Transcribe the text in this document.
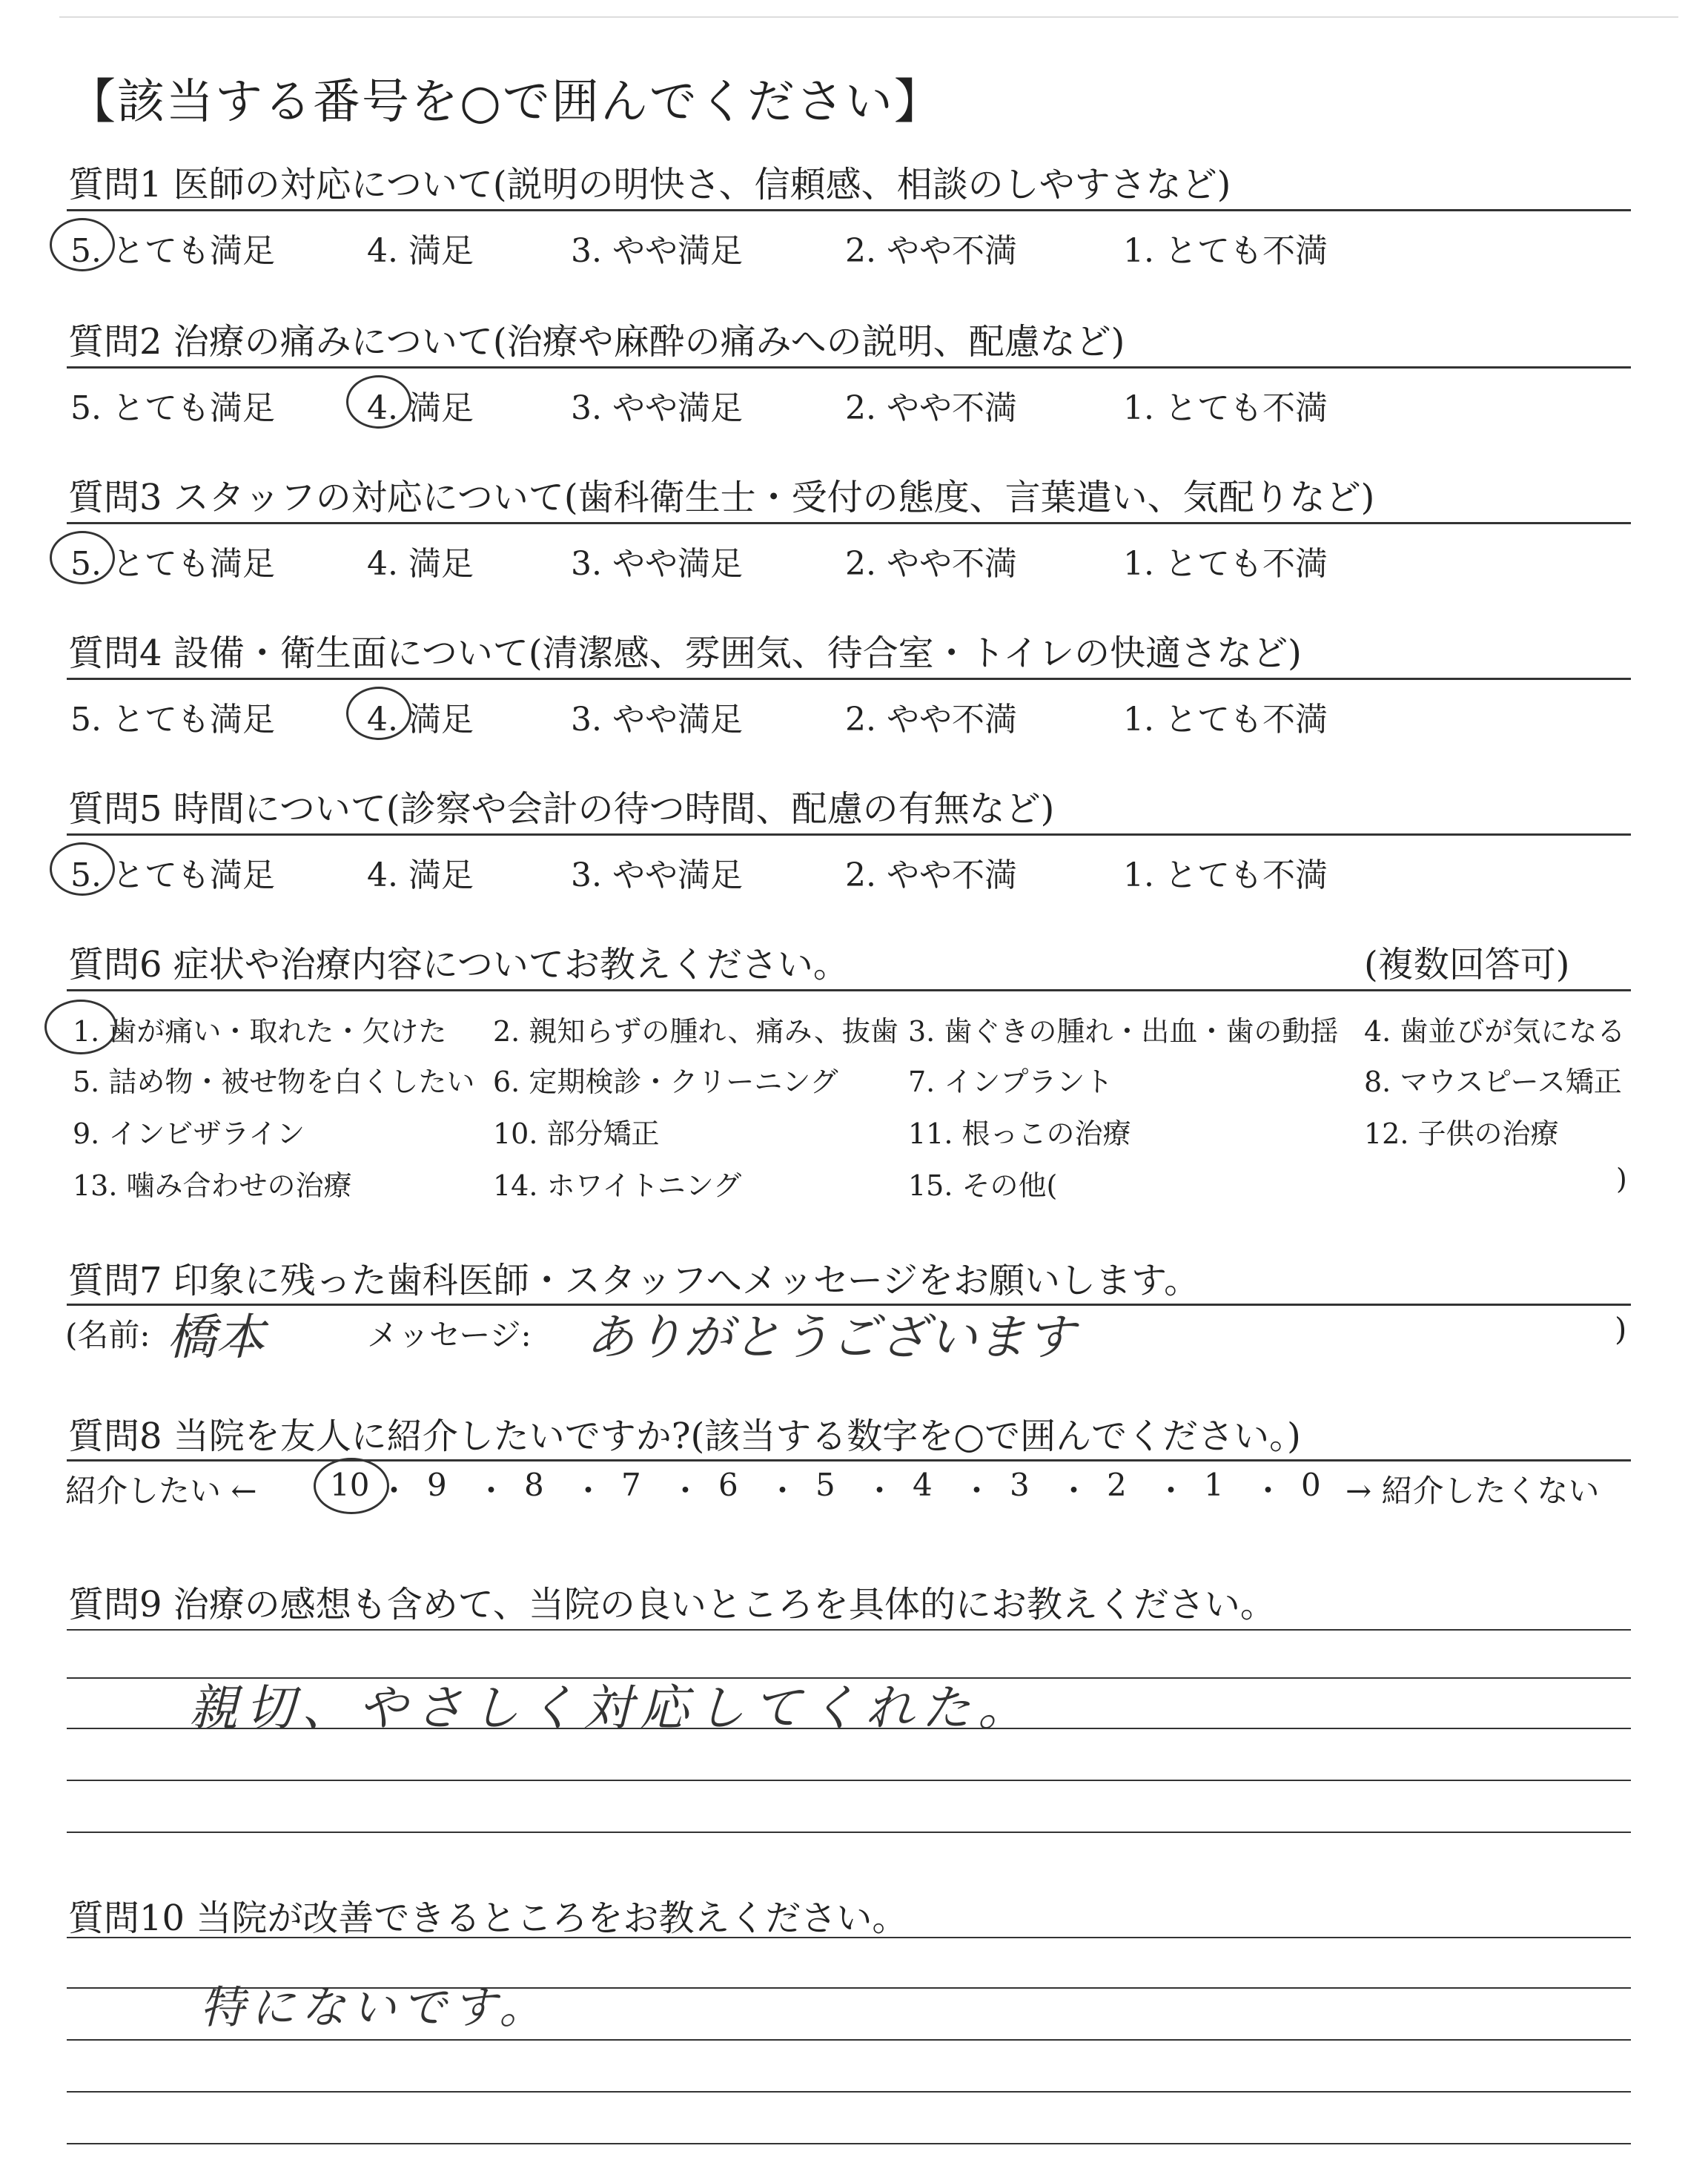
【該当する番号を○で囲んでください】
質問1 医師の対応について(説明の明快さ、信頼感、相談のしやすさなど)
5. とても満足	4. 満足	3. やや満足	2. やや不満	1. とても不満
質問2 治療の痛みについて(治療や麻酔の痛みへの説明、配慮など)
5. とても満足	4. 満足	3. やや満足	2. やや不満	1. とても不満
質問3 スタッフの対応について(歯科衛生士・受付の態度、言葉遣い、気配りなど)
5. とても満足	4. 満足	3. やや満足	2. やや不満	1. とても不満
質問4 設備・衛生面について(清潔感、雰囲気、待合室・トイレの快適さなど)
5. とても満足	4. 満足	3. やや満足	2. やや不満	1. とても不満
質問5 時間について(診察や会計の待つ時間、配慮の有無など)
5. とても満足	4. 満足	3. やや満足	2. やや不満	1. とても不満
質問6 症状や治療内容についてお教えください。	(複数回答可)
1. 歯が痛い・取れた・欠けた 2. 親知らずの腫れ、痛み、抜歯 3. 歯ぐきの腫れ・出血・歯の動揺 4. 歯並びが気になる
5. 詰め物・被せ物を白くしたい 6. 定期検診・クリーニング 7. インプラント	8. マウスピース矯正
9. インビザライン	10. 部分矯正	11. 根っこの治療	12. 子供の治療
13. 噛み合わせの治療	14. ホワイトニング	15. その他(	)
質問7 印象に残った歯科医師・スタッフへメッセージをお願いします。
(名前: 橋本	メッセージ: ありがとうございます	)
質問8 当院を友人に紹介したいですか?(該当する数字を○で囲んでください。)
紹介したい ← 10 ・ 9 ・ 8 ・ 7 ・ 6 ・ 5 ・ 4 ・ 3 ・ 2 ・ 1 ・ 0 → 紹介したくない
質問9 治療の感想も含めて、当院の良いところを具体的にお教えください。
親切、やさしく対応してくれた。
質問10 当院が改善できるところをお教えください。
特にないです。
